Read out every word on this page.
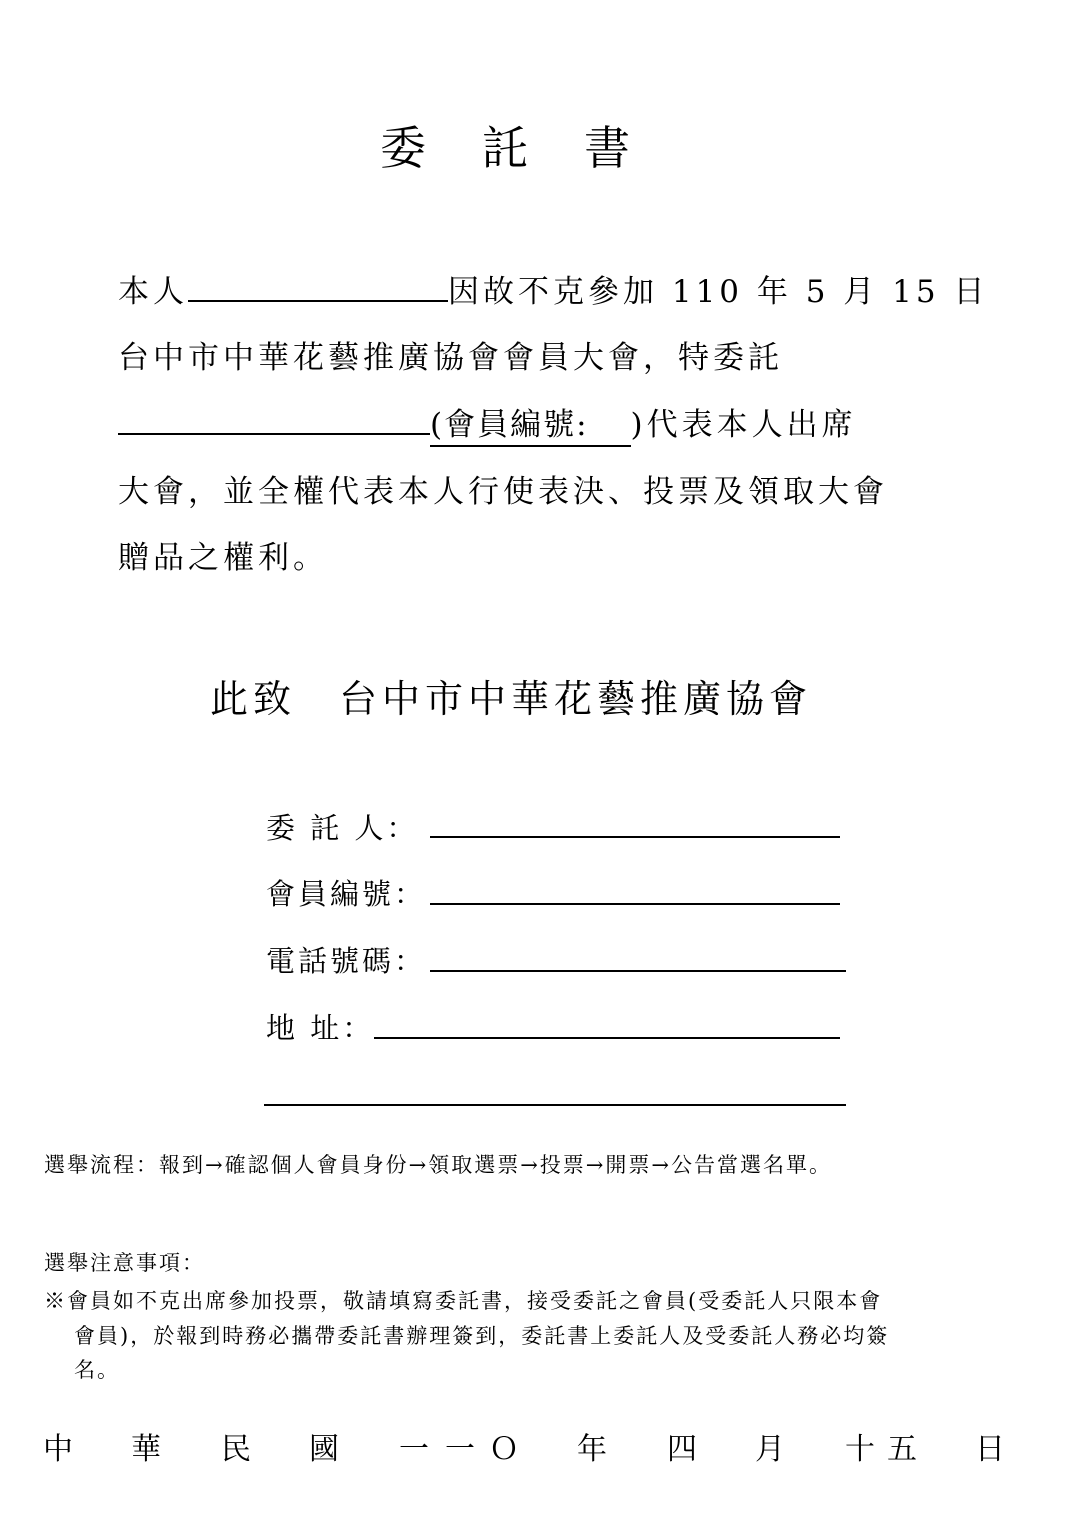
委 託 書
本人	因故不克參加 110 年 5 月 15 日
台中市中華花藝推廣協會會員大會，特委託
(會員編號: )代表本人出席
大會，並全權代表本人行使表決、投票及領取大會
贈品之權利。
此致　台中市中華花藝推廣協會
委 託 人：
會員編號：
電話號碼：
地 址：
選舉流程：報到→確認個人會員身份→領取選票→投票→開票→公告當選名單。
選舉注意事項：
※會員如不克出席參加投票，敬請填寫委託書，接受委託之會員(受委託人只限本會
會員)，於報到時務必攜帶委託書辦理簽到，委託書上委託人及受委託人務必均簽
名。
中 華 民 國 一 一 Ｏ 年 四 月 十 五 日
